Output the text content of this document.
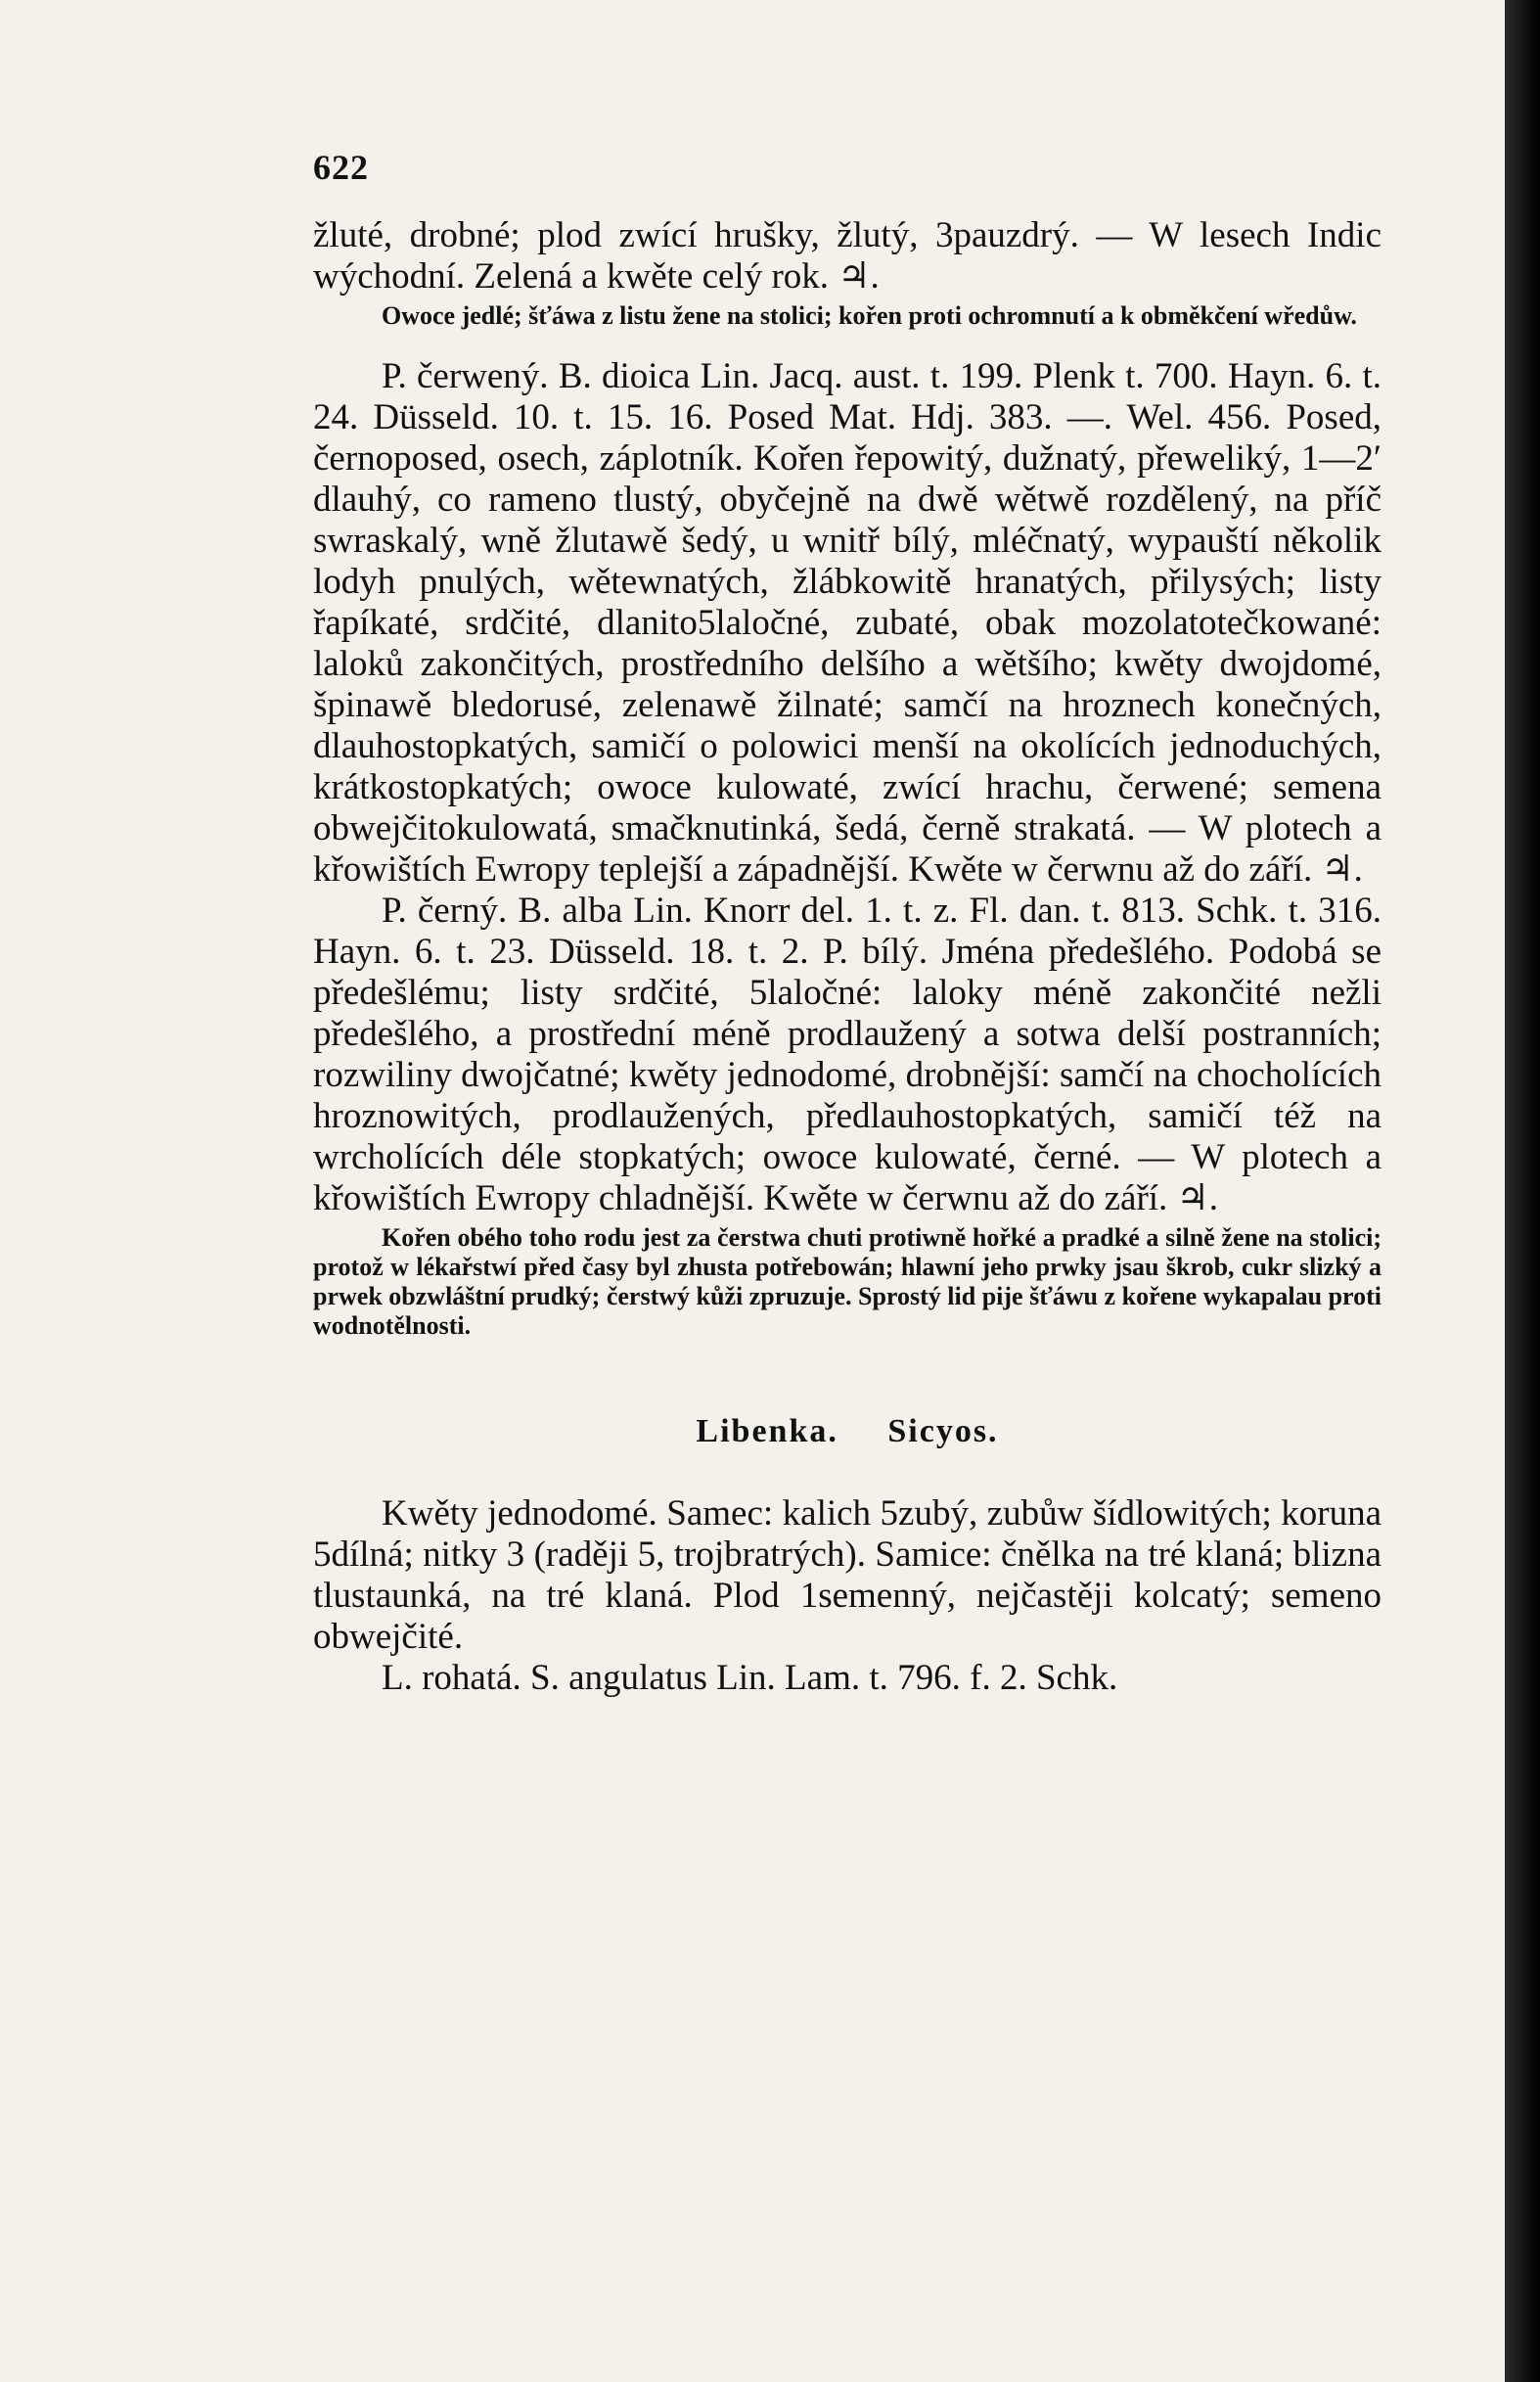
622

žluté, drobné; plod zwící hrušky, žlutý, 3pauzdrý. — W lesech Indic wýchodní. Zelená a kwěte celý rok. ♃.

Owoce jedlé; šťáwa z listu žene na stolici; kořen proti ochromnutí a k obměkčení wředůw.

P. čerwený. B. dioica Lin. Jacq. aust. t. 199. Plenk t. 700. Hayn. 6. t. 24. Düsseld. 10. t. 15. 16. Posed Mat. Hdj. 383. —. Wel. 456. Posed, černoposed, osech, záplotník. Kořen řepowitý, dužnatý, přeweliký, 1—2′ dlauhý, co rameno tlustý, obyčejně na dwě wětwě rozdělený, na příč swraskalý, wně žlutawě šedý, u wnitř bílý, mléčnatý, wypauští několik lodyh pnulých, wětewnatých, žlábkowitě hranatých, přilysých; listy řapíkaté, srdčité, dlanito5laločné, zubaté, obak mozolatotečkowané: laloků zakončitých, prostředního delšího a wětšího; kwěty dwojdomé, špinawě bledorusé, zelenawě žilnaté; samčí na hroznech konečných, dlauhostopkatých, samičí o polowici menší na okolících jednoduchých, krátkostopkatých; owoce kulowaté, zwící hrachu, čerwené; semena obwejčitokulowatá, smačknutinká, šedá, černě strakatá. — W plotech a křowištích Ewropy teplejší a západnější. Kwěte w čerwnu až do září. ♃.

P. černý. B. alba Lin. Knorr del. 1. t. z. Fl. dan. t. 813. Schk. t. 316. Hayn. 6. t. 23. Düsseld. 18. t. 2. P. bílý. Jména předešlého. Podobá se předešlému; listy srdčité, 5laločné: laloky méně zakončité nežli předešlého, a prostřední méně prodlaužený a sotwa delší postranních; rozwiliny dwojčatné; kwěty jednodomé, drobnější: samčí na chocholících hroznowitých, prodlaužených, předlauhostopkatých, samičí též na wrcholících déle stopkatých; owoce kulowaté, černé. — W plotech a křowištích Ewropy chladnější. Kwěte w čerwnu až do září. ♃.

Kořen obého toho rodu jest za čerstwa chuti protiwně hořké a pradké a silně žene na stolici; protož w lékařstwí před časy byl zhusta potřebowán; hlawní jeho prwky jsau škrob, cukr slizký a prwek obzwláštní prudký; čerstwý kůži zpruzuje. Sprostý lid pije šťáwu z kořene wykapalau proti wodnotělnosti.

Libenka. Sicyos.

Kwěty jednodomé. Samec: kalich 5zubý, zubůw šídlowitých; koruna 5dílná; nitky 3 (raději 5, trojbratrých). Samice: čnělka na tré klaná; blizna tlustaunká, na tré klaná. Plod 1semenný, nejčastěji kolcatý; semeno obwejčité.

L. rohatá. S. angulatus Lin. Lam. t. 796. f. 2. Schk.
